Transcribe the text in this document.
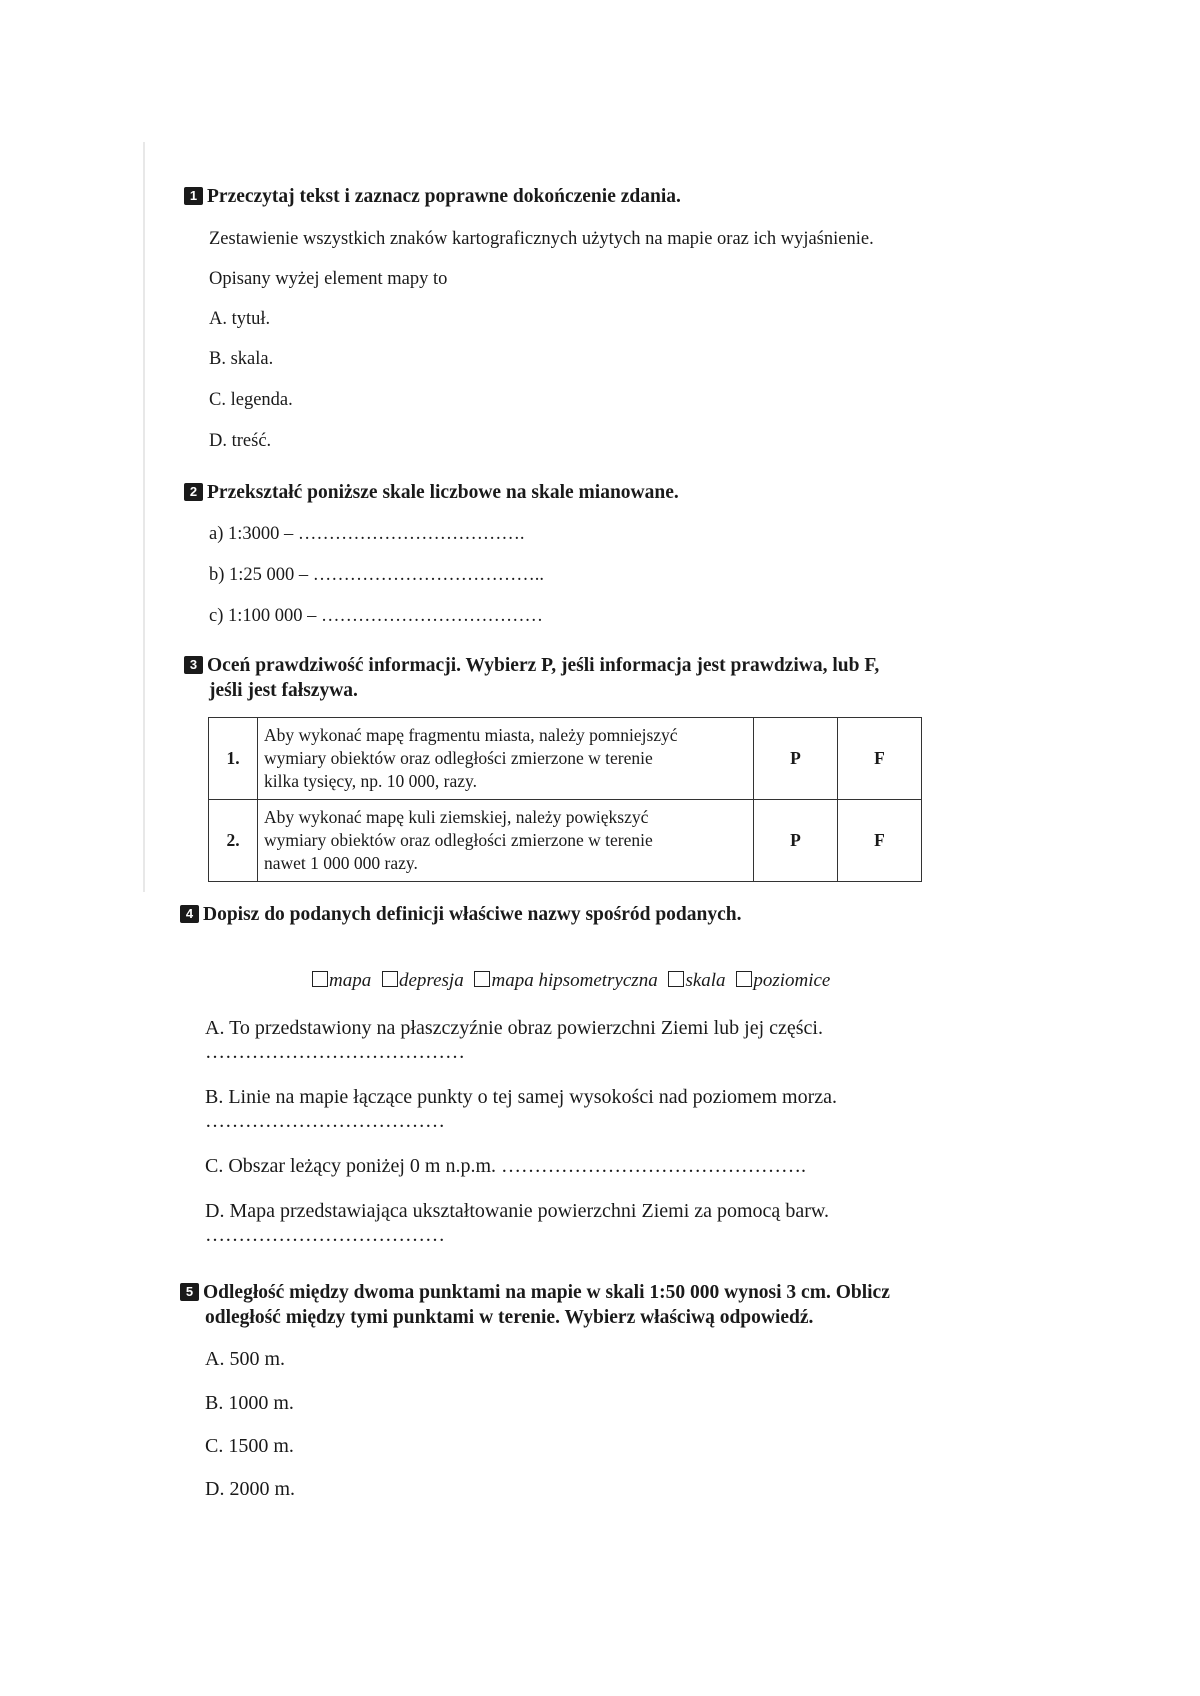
1 Przeczytaj tekst i zaznacz poprawne dokończenie zdania.
Zestawienie wszystkich znaków kartograficznych użytych na mapie oraz ich wyjaśnienie.
Opisany wyżej element mapy to
A. tytuł.
B. skala.
C. legenda.
D. treść.
2 Przekształć poniższe skale liczbowe na skale mianowane.
a) 1:3000 – ……………………………….
b) 1:25 000 – ………………………………..
c) 1:100 000 – ………………………………
3 Oceń prawdziwość informacji. Wybierz P, jeśli informacja jest prawdziwa, lub F,
jeśli jest fałszywa.
1.	Aby wykonać mapę fragmentu miasta, należy pomniejszyć
wymiary obiektów oraz odległości zmierzone w terenie
kilka tysięcy, np. 10 000, razy.	P	F
2.	Aby wykonać mapę kuli ziemskiej, należy powiększyć
wymiary obiektów oraz odległości zmierzone w terenie
nawet 1 000 000 razy.	P	F
4 Dopisz do podanych definicji właściwe nazwy spośród podanych.
mapa depresja mapa hipsometryczna skala poziomice
A. To przedstawiony na płaszczyźnie obraz powierzchni Ziemi lub jej części.
…………………………………
B. Linie na mapie łączące punkty o tej samej wysokości nad poziomem morza.
………………………………
C. Obszar leżący poniżej 0 m n.p.m. ……………………………………….
D. Mapa przedstawiająca ukształtowanie powierzchni Ziemi za pomocą barw.
………………………………
5 Odległość między dwoma punktami na mapie w skali 1:50 000 wynosi 3 cm. Oblicz
odległość między tymi punktami w terenie. Wybierz właściwą odpowiedź.
A. 500 m.
B. 1000 m.
C. 1500 m.
D. 2000 m.
